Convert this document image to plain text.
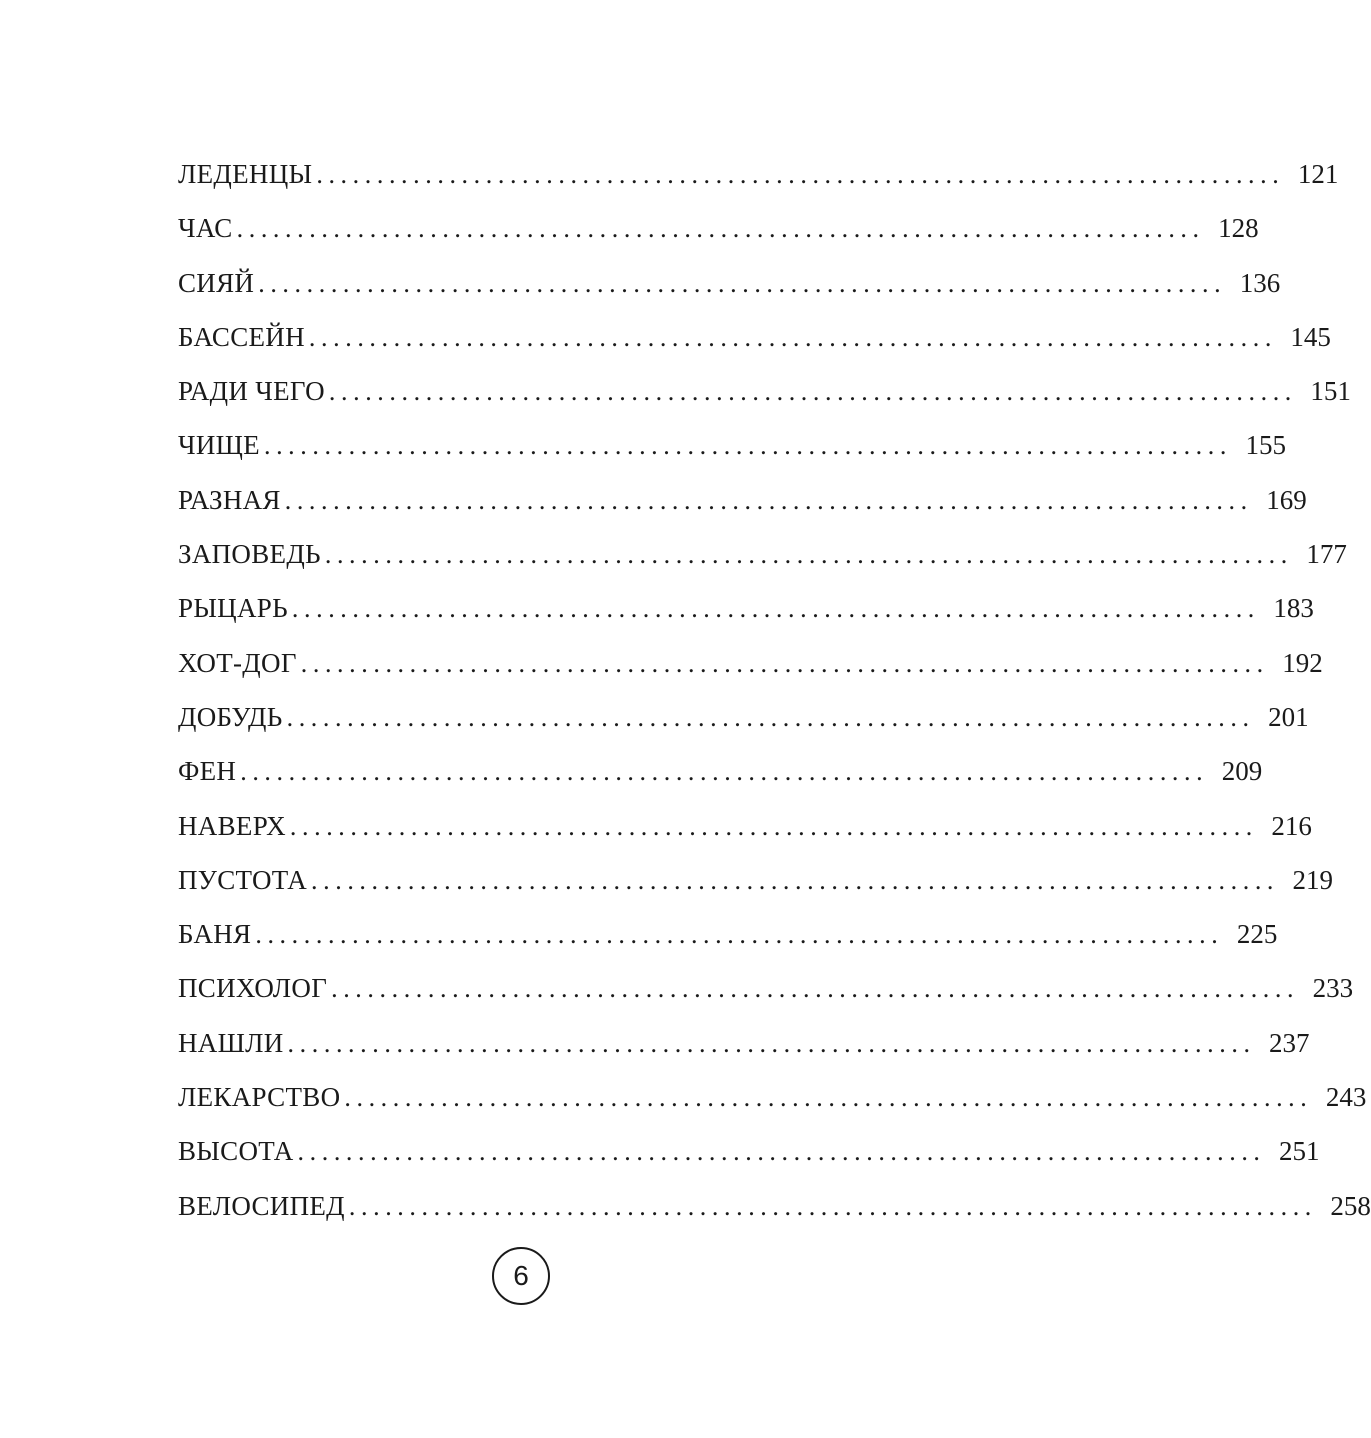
ЛЕДЕНЦЫ ................................................................................ 121
ЧАС ................................................................................ 128
СИЯЙ ................................................................................ 136
БАССЕЙН ................................................................................ 145
РАДИ ЧЕГО ................................................................................ 151
ЧИЩЕ ................................................................................ 155
РАЗНАЯ ................................................................................ 169
ЗАПОВЕДЬ ................................................................................ 177
РЫЦАРЬ ................................................................................ 183
ХОТ-ДОГ ................................................................................ 192
ДОБУДЬ ................................................................................ 201
ФЕН ................................................................................ 209
НАВЕРХ ................................................................................ 216
ПУСТОТА ................................................................................ 219
БАНЯ ................................................................................ 225
ПСИХОЛОГ ................................................................................ 233
НАШЛИ ................................................................................ 237
ЛЕКАРСТВО ................................................................................ 243
ВЫСОТА ................................................................................ 251
ВЕЛОСИПЕД ................................................................................ 258
6
